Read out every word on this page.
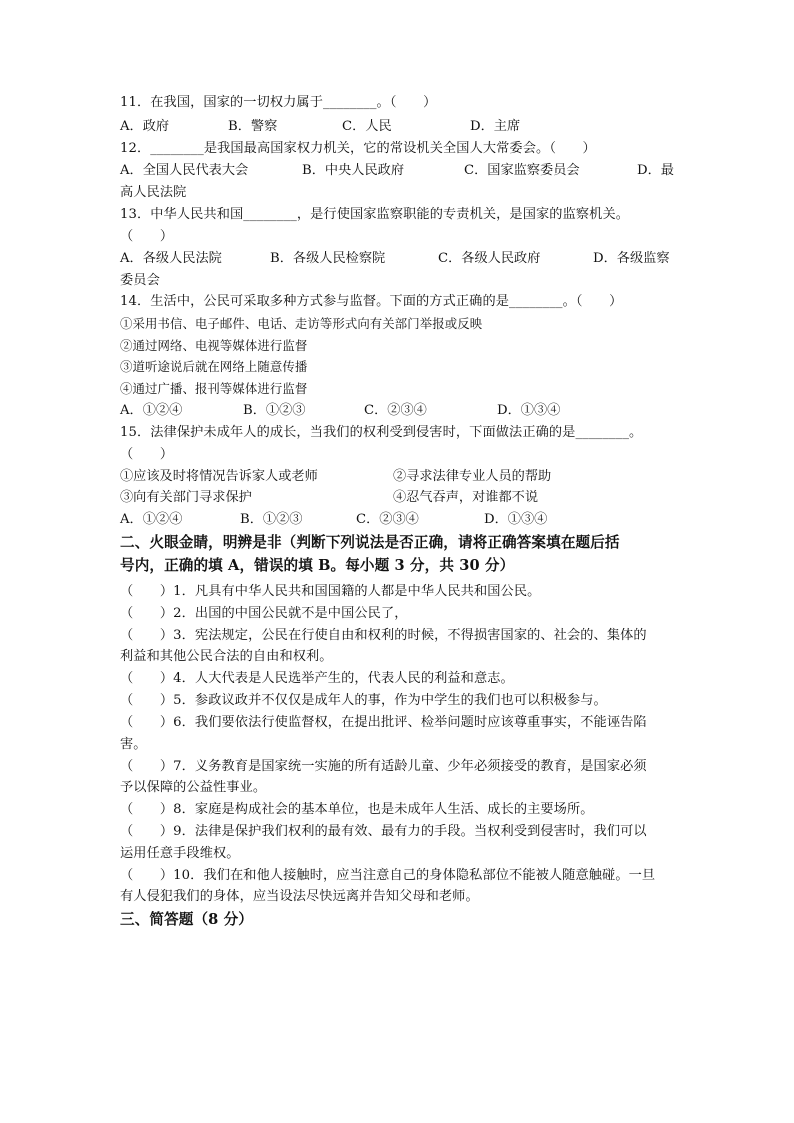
11．在我国，国家的一切权力属于________。（　　）
A．政府	B．警察	C．人民	D．主席
12．________是我国最高国家权力机关，它的常设机关全国人大常委会。（　　）
A．全国人民代表大会	B．中央人民政府	C．国家监察委员会	D．最
高人民法院
13．中华人民共和国________，是行使国家监察职能的专责机关，是国家的监察机关。
（　　）
A．各级人民法院	B．各级人民检察院	C．各级人民政府	D．各级监察
委员会
14．生活中，公民可采取多种方式参与监督。下面的方式正确的是________。（　　）
①采用书信、电子邮件、电话、走访等形式向有关部门举报或反映
②通过网络、电视等媒体进行监督
③道听途说后就在网络上随意传播
④通过广播、报刊等媒体进行监督
A．①②④	B．①②③	C．②③④	D．①③④
15．法律保护未成年人的成长，当我们的权利受到侵害时，下面做法正确的是________。
（　　）
①应该及时将情况告诉家人或老师	②寻求法律专业人员的帮助
③向有关部门寻求保护	④忍气吞声，对谁都不说
A．①②④	B．①②③	C．②③④	D．①③④
二、火眼金睛，明辨是非（判断下列说法是否正确，请将正确答案填在题后括
号内，正确的填 A，错误的填 B。每小题 3 分，共 30 分）
（　　）1．凡具有中华人民共和国国籍的人都是中华人民共和国公民。
（　　）2．出国的中国公民就不是中国公民了，
（　　）3．宪法规定，公民在行使自由和权利的时候，不得损害国家的、社会的、集体的
利益和其他公民合法的自由和权利。
（　　）4．人大代表是人民选举产生的，代表人民的利益和意志。
（　　）5．参政议政并不仅仅是成年人的事，作为中学生的我们也可以积极参与。
（　　）6．我们要依法行使监督权，在提出批评、检举问题时应该尊重事实，不能诬告陷
害。
（　　）7．义务教育是国家统一实施的所有适龄儿童、少年必须接受的教育，是国家必须
予以保障的公益性事业。
（　　）8．家庭是构成社会的基本单位，也是未成年人生活、成长的主要场所。
（　　）9．法律是保护我们权利的最有效、最有力的手段。当权利受到侵害时，我们可以
运用任意手段维权。
（　　）10．我们在和他人接触时，应当注意自己的身体隐私部位不能被人随意触碰。一旦
有人侵犯我们的身体，应当设法尽快远离并告知父母和老师。
三、简答题（8 分）
